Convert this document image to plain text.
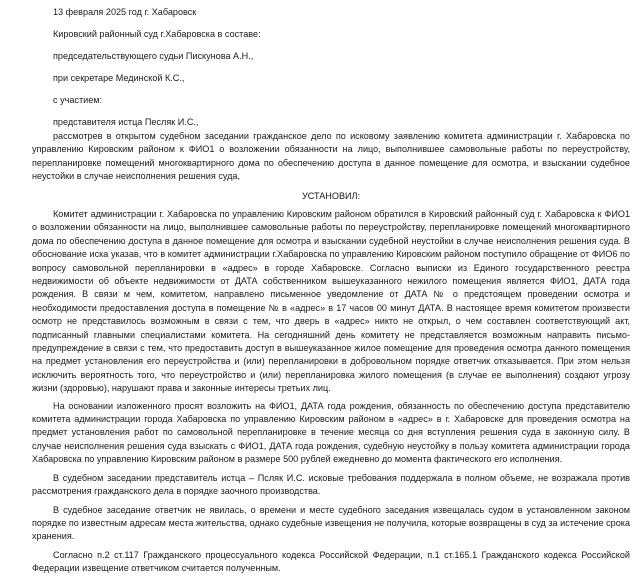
13 февраля 2025 год г. Хабаровск

Кировский районный суд г.Хабаровска в составе:

председательствующего судьи Пискунова А.Н.,

при секретаре Мединской К.С.,

с участием:

представителя истца Песляк И.С.,

рассмотрев в открытом судебном заседании гражданское дело по исковому заявлению комитета администрации г. Хабаровска по управлению Кировским районом к ФИО1 о возложении обязанности на лицо, выполнившее самовольные работы по переустройству, перепланировке помещений многоквартирного дома по обеспечению доступа в данное помещение для осмотра, и взыскании судебное неустойки в случае неисполнения решения суда,

УСТАНОВИЛ:

Комитет администрации г. Хабаровска по управлению Кировским районом обратился в Кировский районный суд г. Хабаровска к ФИО1 о возложении обязанности на лицо, выполнившее самовольные работы по переустройству, перепланировке помещений многоквартирного дома по обеспечению доступа в данное помещение для осмотра и взыскании судебной неустойки в случае неисполнения решения суда. В обоснование иска указав, что в комитет администрации г.Хабаровска по управлению Кировским районом поступило обращение от ФИО6 по вопросу самовольной перепланировки в «адрес» в городе Хабаровске. Согласно выписки из Единого государственного реестра недвижимости об объекте недвижимости от ДАТА собственником вышеуказанного нежилого помещения является ФИО1, ДАТА года рождения. В связи м чем, комитетом, направлено письменное уведомление от ДАТА № о предстоящем проведении осмотра и необходимости предоставления доступа в помещение № в «адрес» в 17 часов 00 минут ДАТА. В настоящее время комитетом произвести осмотр не представилось возможным в связи с тем, что дверь в «адрес» никто не открыл, о чем составлен соответствующий акт, подписанный главными специалистами комитета. На сегодняшний день комитету не представляется возможным направить письмо-предупреждение в связи с тем, что предоставить доступ в вышеуказанное жилое помещение для проведения осмотра данного помещения на предмет установления его переустройства и (или) перепланировки в добровольном порядке ответчик отказывается. При этом нельзя исключить вероятность того, что переустройство и (или) перепланировка жилого помещения (в случае ее выполнения) создают угрозу жизни (здоровью), нарушают права и законные интересы третьих лиц.

На основании изложенного просят возложить на ФИО1, ДАТА года рождения, обязанность по обеспечению доступа представителю комитета администрации города Хабаровска по управлению Кировским районом в «адрес» в г. Хабаровске для проведения осмотра на предмет установления работ по самовольной перепланировке в течение месяца со дня вступления решения суда в законную силу. В случае неисполнения решения суда взыскать с ФИО1, ДАТА года рождения, судебную неустойку в пользу комитета администрации города Хабаровска по управлению Кировским районом в размере 500 рублей ежедневно до момента фактического его исполнения.

В судебном заседании представитель истца – Псляк И.С. исковые требования поддержала в полном объеме, не возражала против рассмотрения гражданского дела в порядке заочного производства.

В судебное заседание ответчик не явилась, о времени и месте судебного заседания извещалась судом в установленном законом порядке по известным адресам места жительства, однако судебные извещения не получила, которые возвращены в суд за истечение срока хранения.

Согласно п.2 ст.117 Гражданского процессуального кодекса Российской Федерации, п.1 ст.165.1 Гражданского кодекса Российской Федерации извещение ответчиком считается полученным.
